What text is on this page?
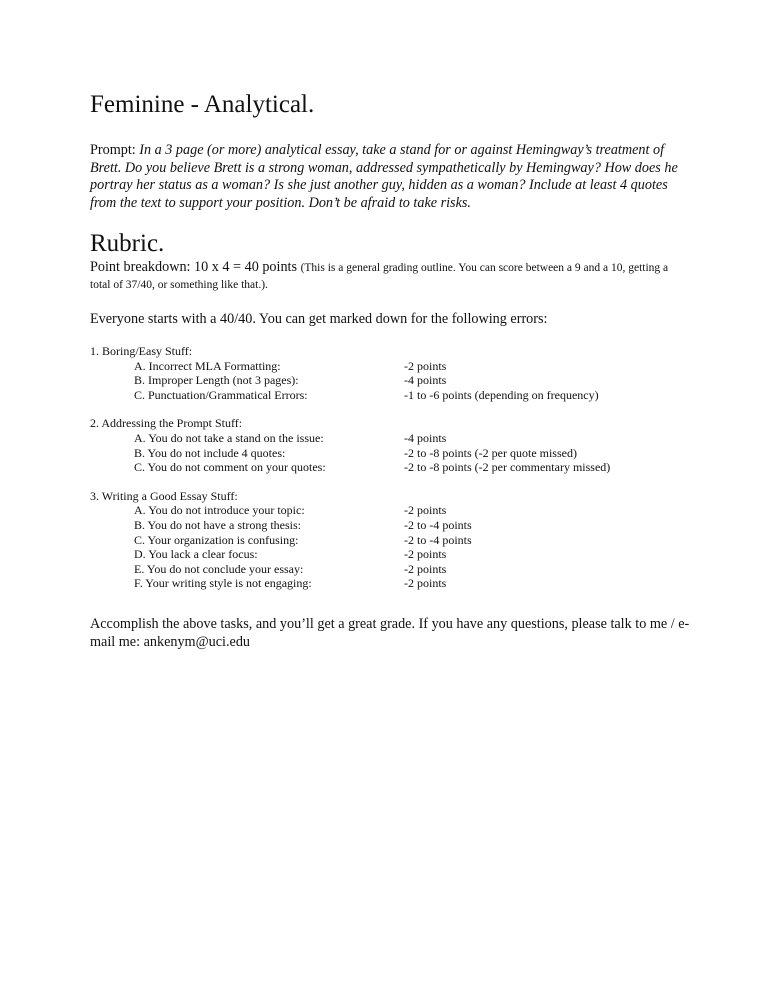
Feminine - Analytical.

Prompt: In a 3 page (or more) analytical essay, take a stand for or against Hemingway’s treatment of Brett. Do you believe Brett is a strong woman, addressed sympathetically by Hemingway? How does he portray her status as a woman? Is she just another guy, hidden as a woman? Include at least 4 quotes from the text to support your position. Don’t be afraid to take risks.

Rubric.

Point breakdown: 10 x 4 = 40 points (This is a general grading outline. You can score between a 9 and a 10, getting a total of 37/40, or something like that.).

Everyone starts with a 40/40. You can get marked down for the following errors:

1. Boring/Easy Stuff:
A. Incorrect MLA Formatting:	-2 points
B. Improper Length (not 3 pages):	-4 points
C. Punctuation/Grammatical Errors:	-1 to -6 points (depending on frequency)
2. Addressing the Prompt Stuff:
A. You do not take a stand on the issue:	-4 points
B. You do not include 4 quotes:	-2 to -8 points (-2 per quote missed)
C. You do not comment on your quotes:	-2 to -8 points (-2 per commentary missed)
3. Writing a Good Essay Stuff:
A. You do not introduce your topic:	-2 points
B. You do not have a strong thesis:	-2 to -4 points
C. Your organization is confusing:	-2 to -4 points
D. You lack a clear focus:	-2 points
E. You do not conclude your essay:	-2 points
F. Your writing style is not engaging:	-2 points

Accomplish the above tasks, and you’ll get a great grade. If you have any questions, please talk to me / e-mail me: ankenym@uci.edu
